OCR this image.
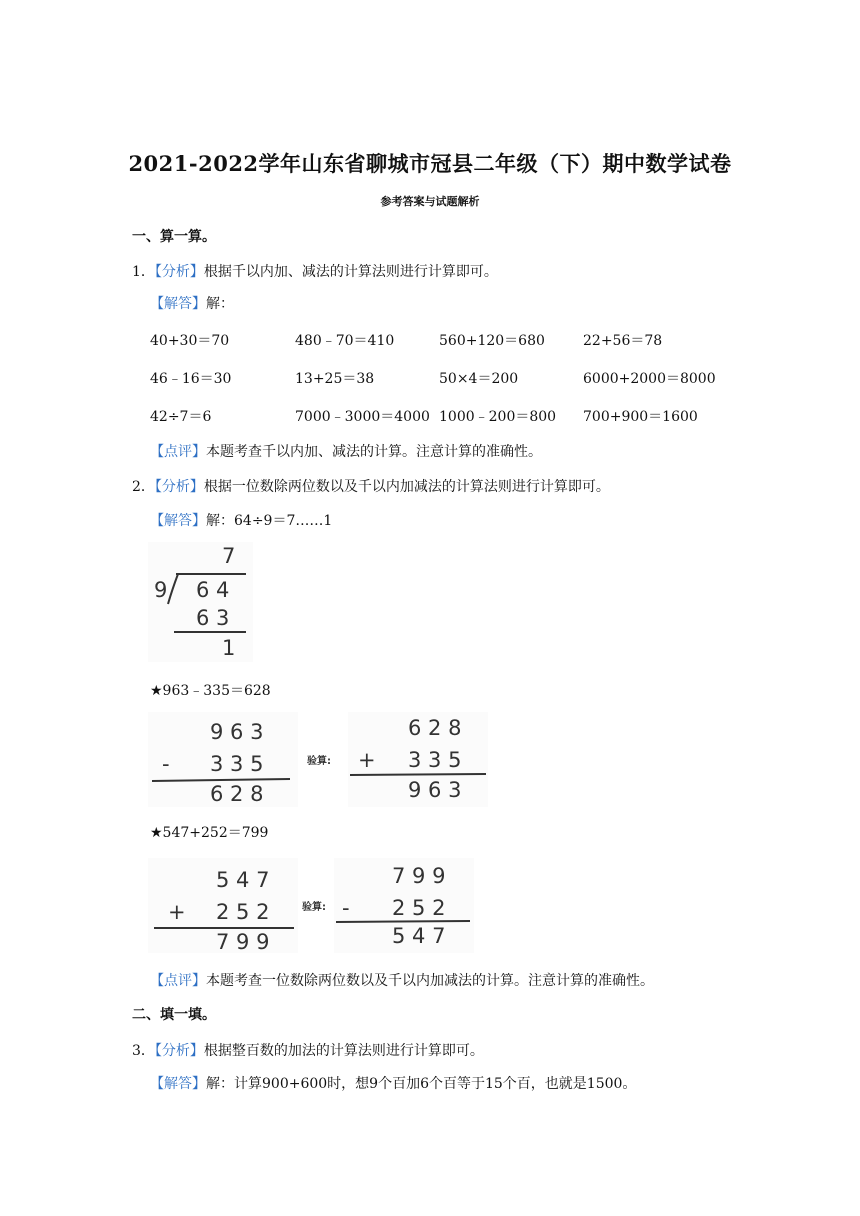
2021-2022学年山东省聊城市冠县二年级（下）期中数学试卷
参考答案与试题解析
一、算一算。
1．【分析】根据千以内加、减法的计算法则进行计算即可。
【解答】解：
40+30＝70	480﹣70＝410	560+120＝680	22+56＝78
46﹣16＝30	13+25＝38	50×4＝200	6000+2000＝8000
42÷7＝6	7000﹣3000＝4000 1000﹣200＝800 700+900＝1600
【点评】本题考查千以内加、减法的计算。注意计算的准确性。
2．【分析】根据一位数除两位数以及千以内加减法的计算法则进行计算即可。
【解答】解：64÷9＝7……1
7
9 6 4
6 3
1
★963﹣335＝628
9 6 3
- 3 3 5
6 2 8
验算:
6 2 8
+ 3 3 5
9 6 3
★547+252＝799
5 4 7
+ 2 5 2
7 9 9
验算:
7 9 9
- 2 5 2
5 4 7
【点评】本题考查一位数除两位数以及千以内加减法的计算。注意计算的准确性。
二、填一填。
3．【分析】根据整百数的加法的计算法则进行计算即可。
【解答】解：计算900+600时，想9个百加6个百等于15个百，也就是1500。
